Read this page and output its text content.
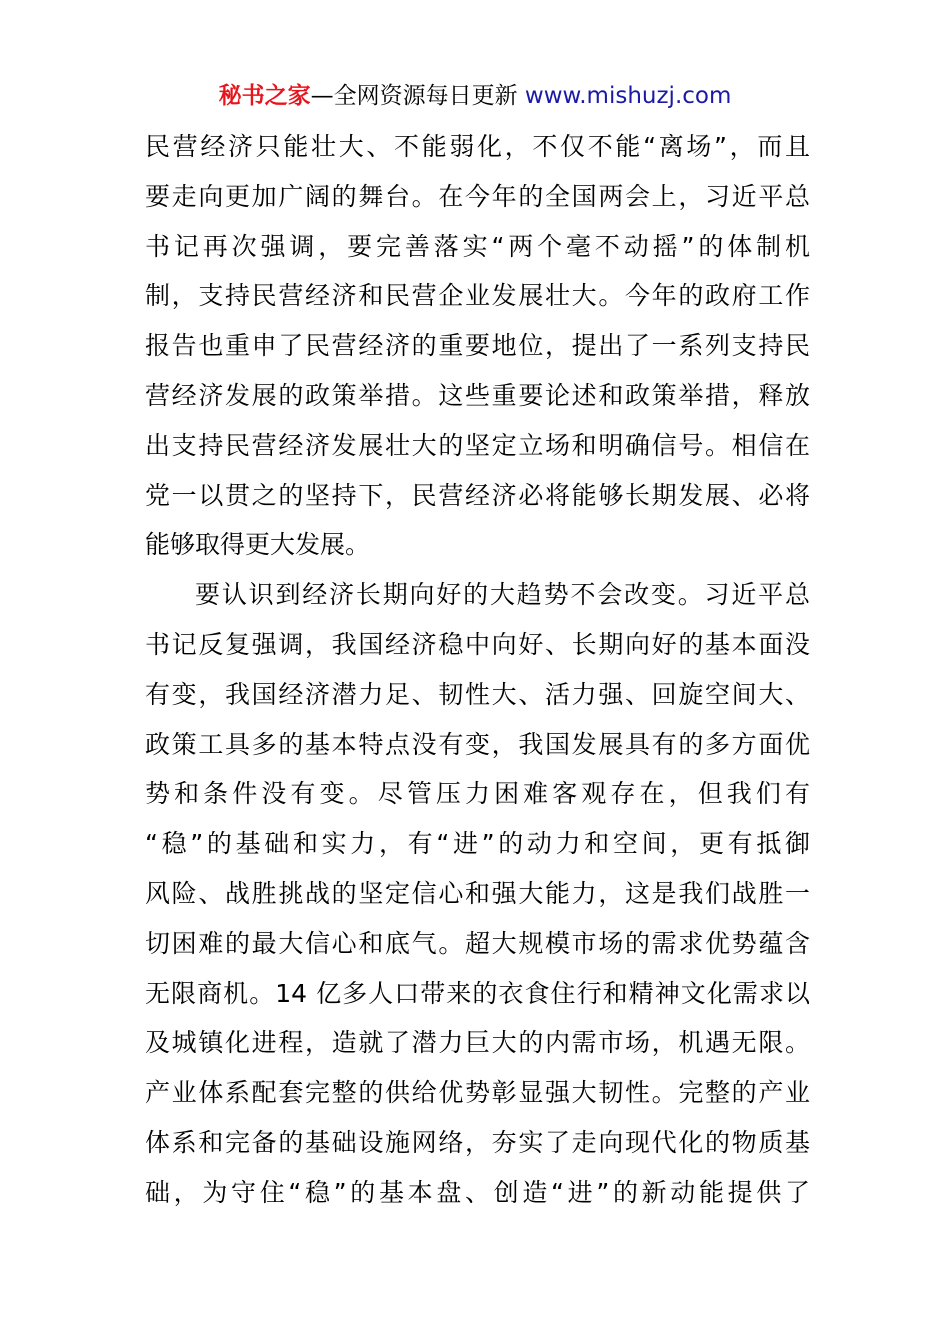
秘书之家—全网资源每日更新 www.mishuzj.com
民营经济只能壮大、不能弱化，不仅不能“离场”，而且
要走向更加广阔的舞台。在今年的全国两会上，习近平总
书记再次强调，要完善落实“两个毫不动摇”的体制机
制，支持民营经济和民营企业发展壮大。今年的政府工作
报告也重申了民营经济的重要地位，提出了一系列支持民
营经济发展的政策举措。这些重要论述和政策举措，释放
出支持民营经济发展壮大的坚定立场和明确信号。相信在
党一以贯之的坚持下，民营经济必将能够长期发展、必将
能够取得更大发展。
要认识到经济长期向好的大趋势不会改变。习近平总
书记反复强调，我国经济稳中向好、长期向好的基本面没
有变，我国经济潜力足、韧性大、活力强、回旋空间大、
政策工具多的基本特点没有变，我国发展具有的多方面优
势和条件没有变。尽管压力困难客观存在，但我们有
“稳”的基础和实力，有“进”的动力和空间，更有抵御
风险、战胜挑战的坚定信心和强大能力，这是我们战胜一
切困难的最大信心和底气。超大规模市场的需求优势蕴含
无限商机。14 亿多人口带来的衣食住行和精神文化需求以
及城镇化进程，造就了潜力巨大的内需市场，机遇无限。
产业体系配套完整的供给优势彰显强大韧性。完整的产业
体系和完备的基础设施网络，夯实了走向现代化的物质基
础，为守住“稳”的基本盘、创造“进”的新动能提供了
